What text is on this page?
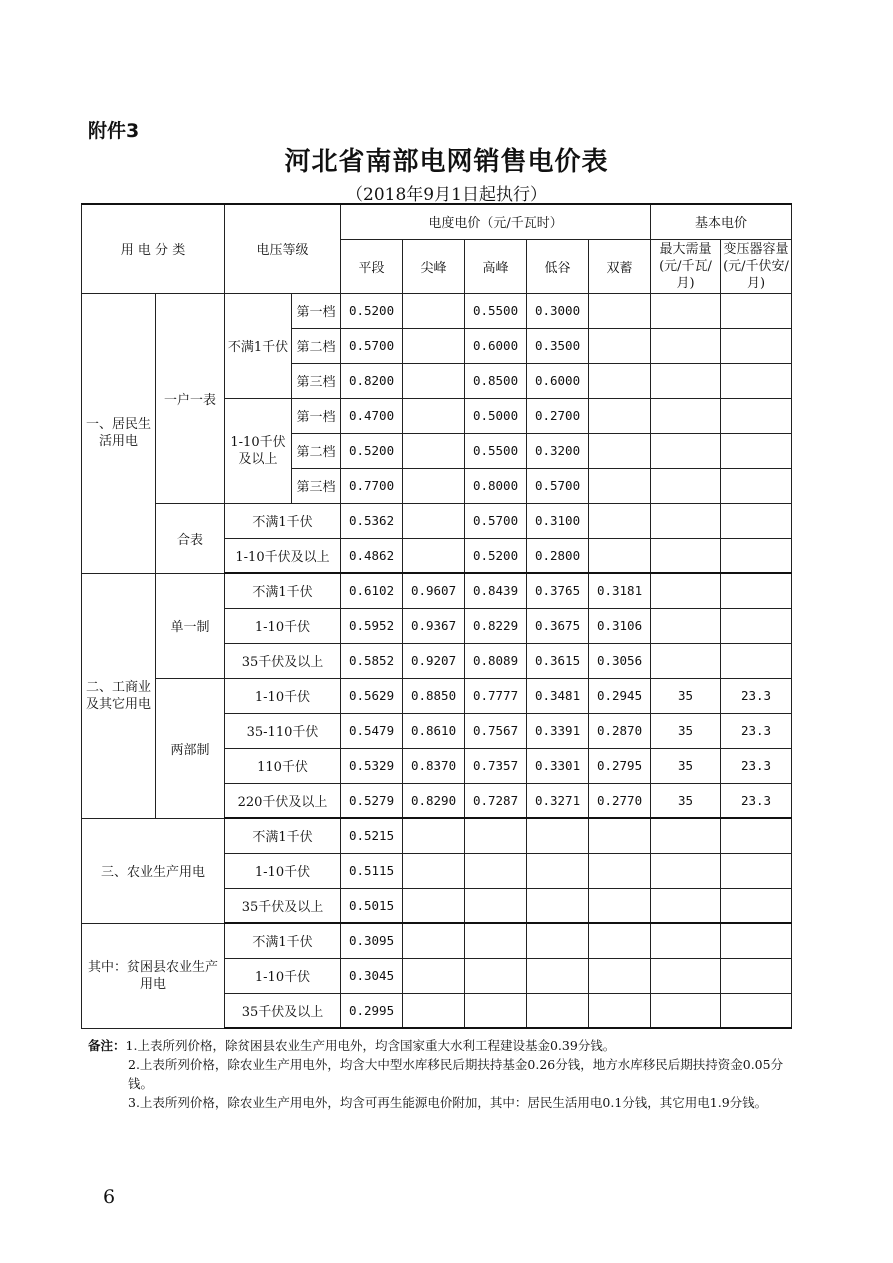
附件3
河北省南部电网销售电价表
（2018年9月1日起执行）
用 电 分 类		电压等级		电度电价（元/千瓦时）					基本电价	
				平段	尖峰	高峰	低谷	双蓄	最大需量(元/千瓦/月)	变压器容量(元/千伏安/月)
一、居民生活用电	一户一表	不满1千伏	第一档	0.5200		0.5500	0.3000			
			第二档	0.5700		0.6000	0.3500			
			第三档	0.8200		0.8500	0.6000			
		1-10千伏及以上	第一档	0.4700		0.5000	0.2700			
			第二档	0.5200		0.5500	0.3200			
			第三档	0.7700		0.8000	0.5700			
	合表	不满1千伏		0.5362		0.5700	0.3100			
		1-10千伏及以上		0.4862		0.5200	0.2800			
二、工商业及其它用电	单一制	不满1千伏		0.6102	0.9607	0.8439	0.3765	0.3181		
		1-10千伏		0.5952	0.9367	0.8229	0.3675	0.3106		
		35千伏及以上		0.5852	0.9207	0.8089	0.3615	0.3056		
	两部制	1-10千伏		0.5629	0.8850	0.7777	0.3481	0.2945	35	23.3
		35-110千伏		0.5479	0.8610	0.7567	0.3391	0.2870	35	23.3
		110千伏		0.5329	0.8370	0.7357	0.3301	0.2795	35	23.3
		220千伏及以上		0.5279	0.8290	0.7287	0.3271	0.2770	35	23.3
三、农业生产用电		不满1千伏		0.5215						
		1-10千伏		0.5115						
		35千伏及以上		0.5015						
其中：贫困县农业生产用电		不满1千伏		0.3095						
		1-10千伏		0.3045						
		35千伏及以上		0.2995						

备注：1.上表所列价格，除贫困县农业生产用电外，均含国家重大水利工程建设基金0.39分钱。

2.上表所列价格，除农业生产用电外，均含大中型水库移民后期扶持基金0.26分钱，地方水库移民后期扶持资金0.05分钱。

3.上表所列价格，除农业生产用电外，均含可再生能源电价附加，其中：居民生活用电0.1分钱，其它用电1.9分钱。

6
